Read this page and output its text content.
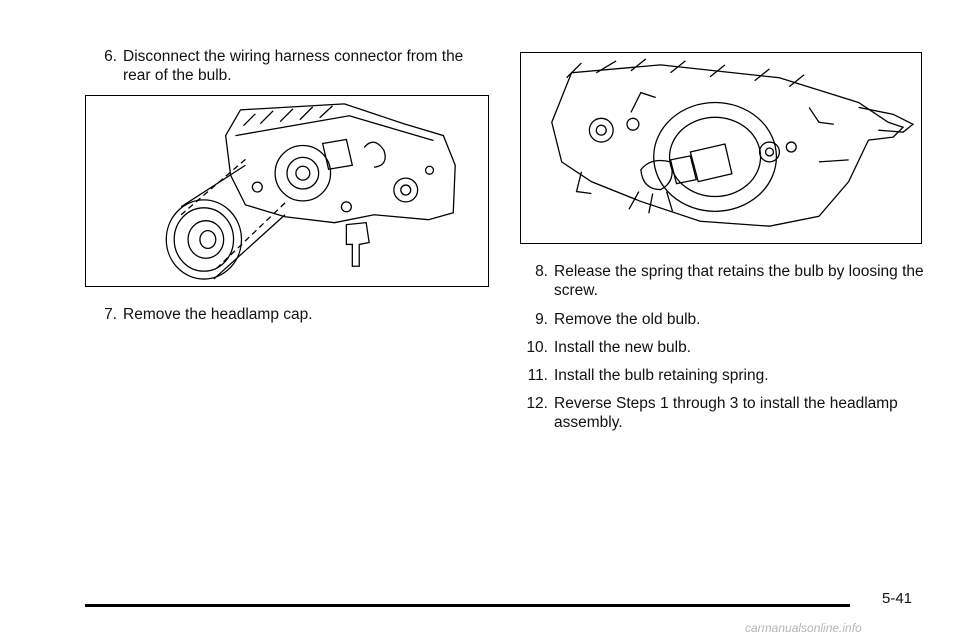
6. Disconnect the wiring harness connector from the rear of the bulb.
7. Remove the headlamp cap.
8. Release the spring that retains the bulb by loosing the screw.
9. Remove the old bulb.
10. Install the new bulb.
11. Install the bulb retaining spring.
12. Reverse Steps 1 through 3 to install the headlamp assembly.
5-41
carmanualsonline.info
